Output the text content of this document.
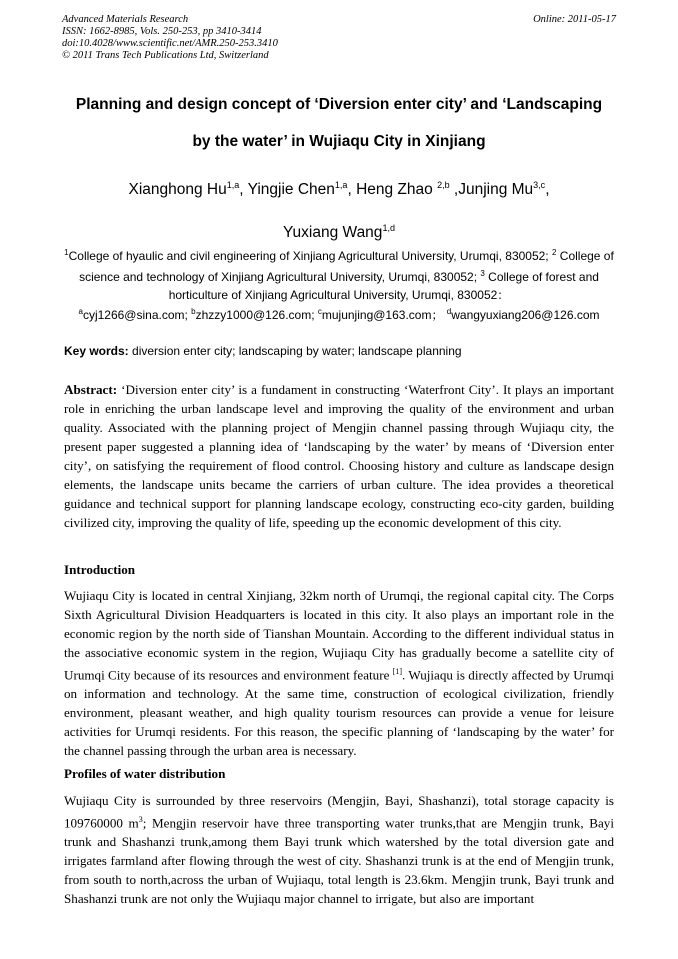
Advanced Materials Research
ISSN: 1662-8985, Vols. 250-253, pp 3410-3414
doi:10.4028/www.scientific.net/AMR.250-253.3410
© 2011 Trans Tech Publications Ltd, Switzerland
Online: 2011-05-17
Planning and design concept of ‘Diversion enter city’ and ‘Landscaping
by the water’ in Wujiaqu City in Xinjiang
Xianghong Hu$^{1,a}$, Yingjie Chen$^{1,a}$, Heng Zhao $^{2,b}$ ,Junjing Mu$^{3,c}$,
Yuxiang Wang$^{1,d}$
$^1$College of hyaulic and civil engineering of Xinjiang Agricultural University, Urumqi, 830052; $^2$ College of science and technology of Xinjiang Agricultural University, Urumqi, 830052; $^3$ College of forest and horticulture of Xinjiang Agricultural University, Urumqi, 830052：
$^a$cyj1266@sina.com; $^b$zhzzy1000@126.com; $^c$mujunjing@163.com； $^d$wangyuxiang206@126.com
Key words: diversion enter city; landscaping by water; landscape planning
Abstract: ‘Diversion enter city’ is a fundament in constructing ‘Waterfront City’. It plays an important role in enriching the urban landscape level and improving the quality of the environment and urban quality. Associated with the planning project of Mengjin channel passing through Wujiaqu city, the present paper suggested a planning idea of ‘landscaping by the water’ by means of ‘Diversion enter city’, on satisfying the requirement of flood control. Choosing history and culture as landscape design elements, the landscape units became the carriers of urban culture. The idea provides a theoretical guidance and technical support for planning landscape ecology, constructing eco-city garden, building civilized city, improving the quality of life, speeding up the economic development of this city.
Introduction
Wujiaqu City is located in central Xinjiang, 32km north of Urumqi, the regional capital city. The Corps Sixth Agricultural Division Headquarters is located in this city. It also plays an important role in the economic region by the north side of Tianshan Mountain. According to the different individual status in the associative economic system in the region, Wujiaqu City has gradually become a satellite city of Urumqi City because of its resources and environment feature [1]. Wujiaqu is directly affected by Urumqi on information and technology. At the same time, construction of ecological civilization, friendly environment, pleasant weather, and high quality tourism resources can provide a venue for leisure activities for Urumqi residents. For this reason, the specific planning of ‘landscaping by the water’ for the channel passing through the urban area is necessary.
Profiles of water distribution
Wujiaqu City is surrounded by three reservoirs (Mengjin, Bayi, Shashanzi), total storage capacity is 109760000 $m^3$; Mengjin reservoir have three transporting water trunks,that are Mengjin trunk, Bayi trunk and Shashanzi trunk,among them Bayi trunk which watershed by the total diversion gate and irrigates farmland after flowing through the west of city. Shashanzi trunk is at the end of Mengjin trunk, from south to north,across the urban of Wujiaqu, total length is 23.6km. Mengjin trunk, Bayi trunk and Shashanzi trunk are not only the Wujiaqu major channel to irrigate, but also are important
